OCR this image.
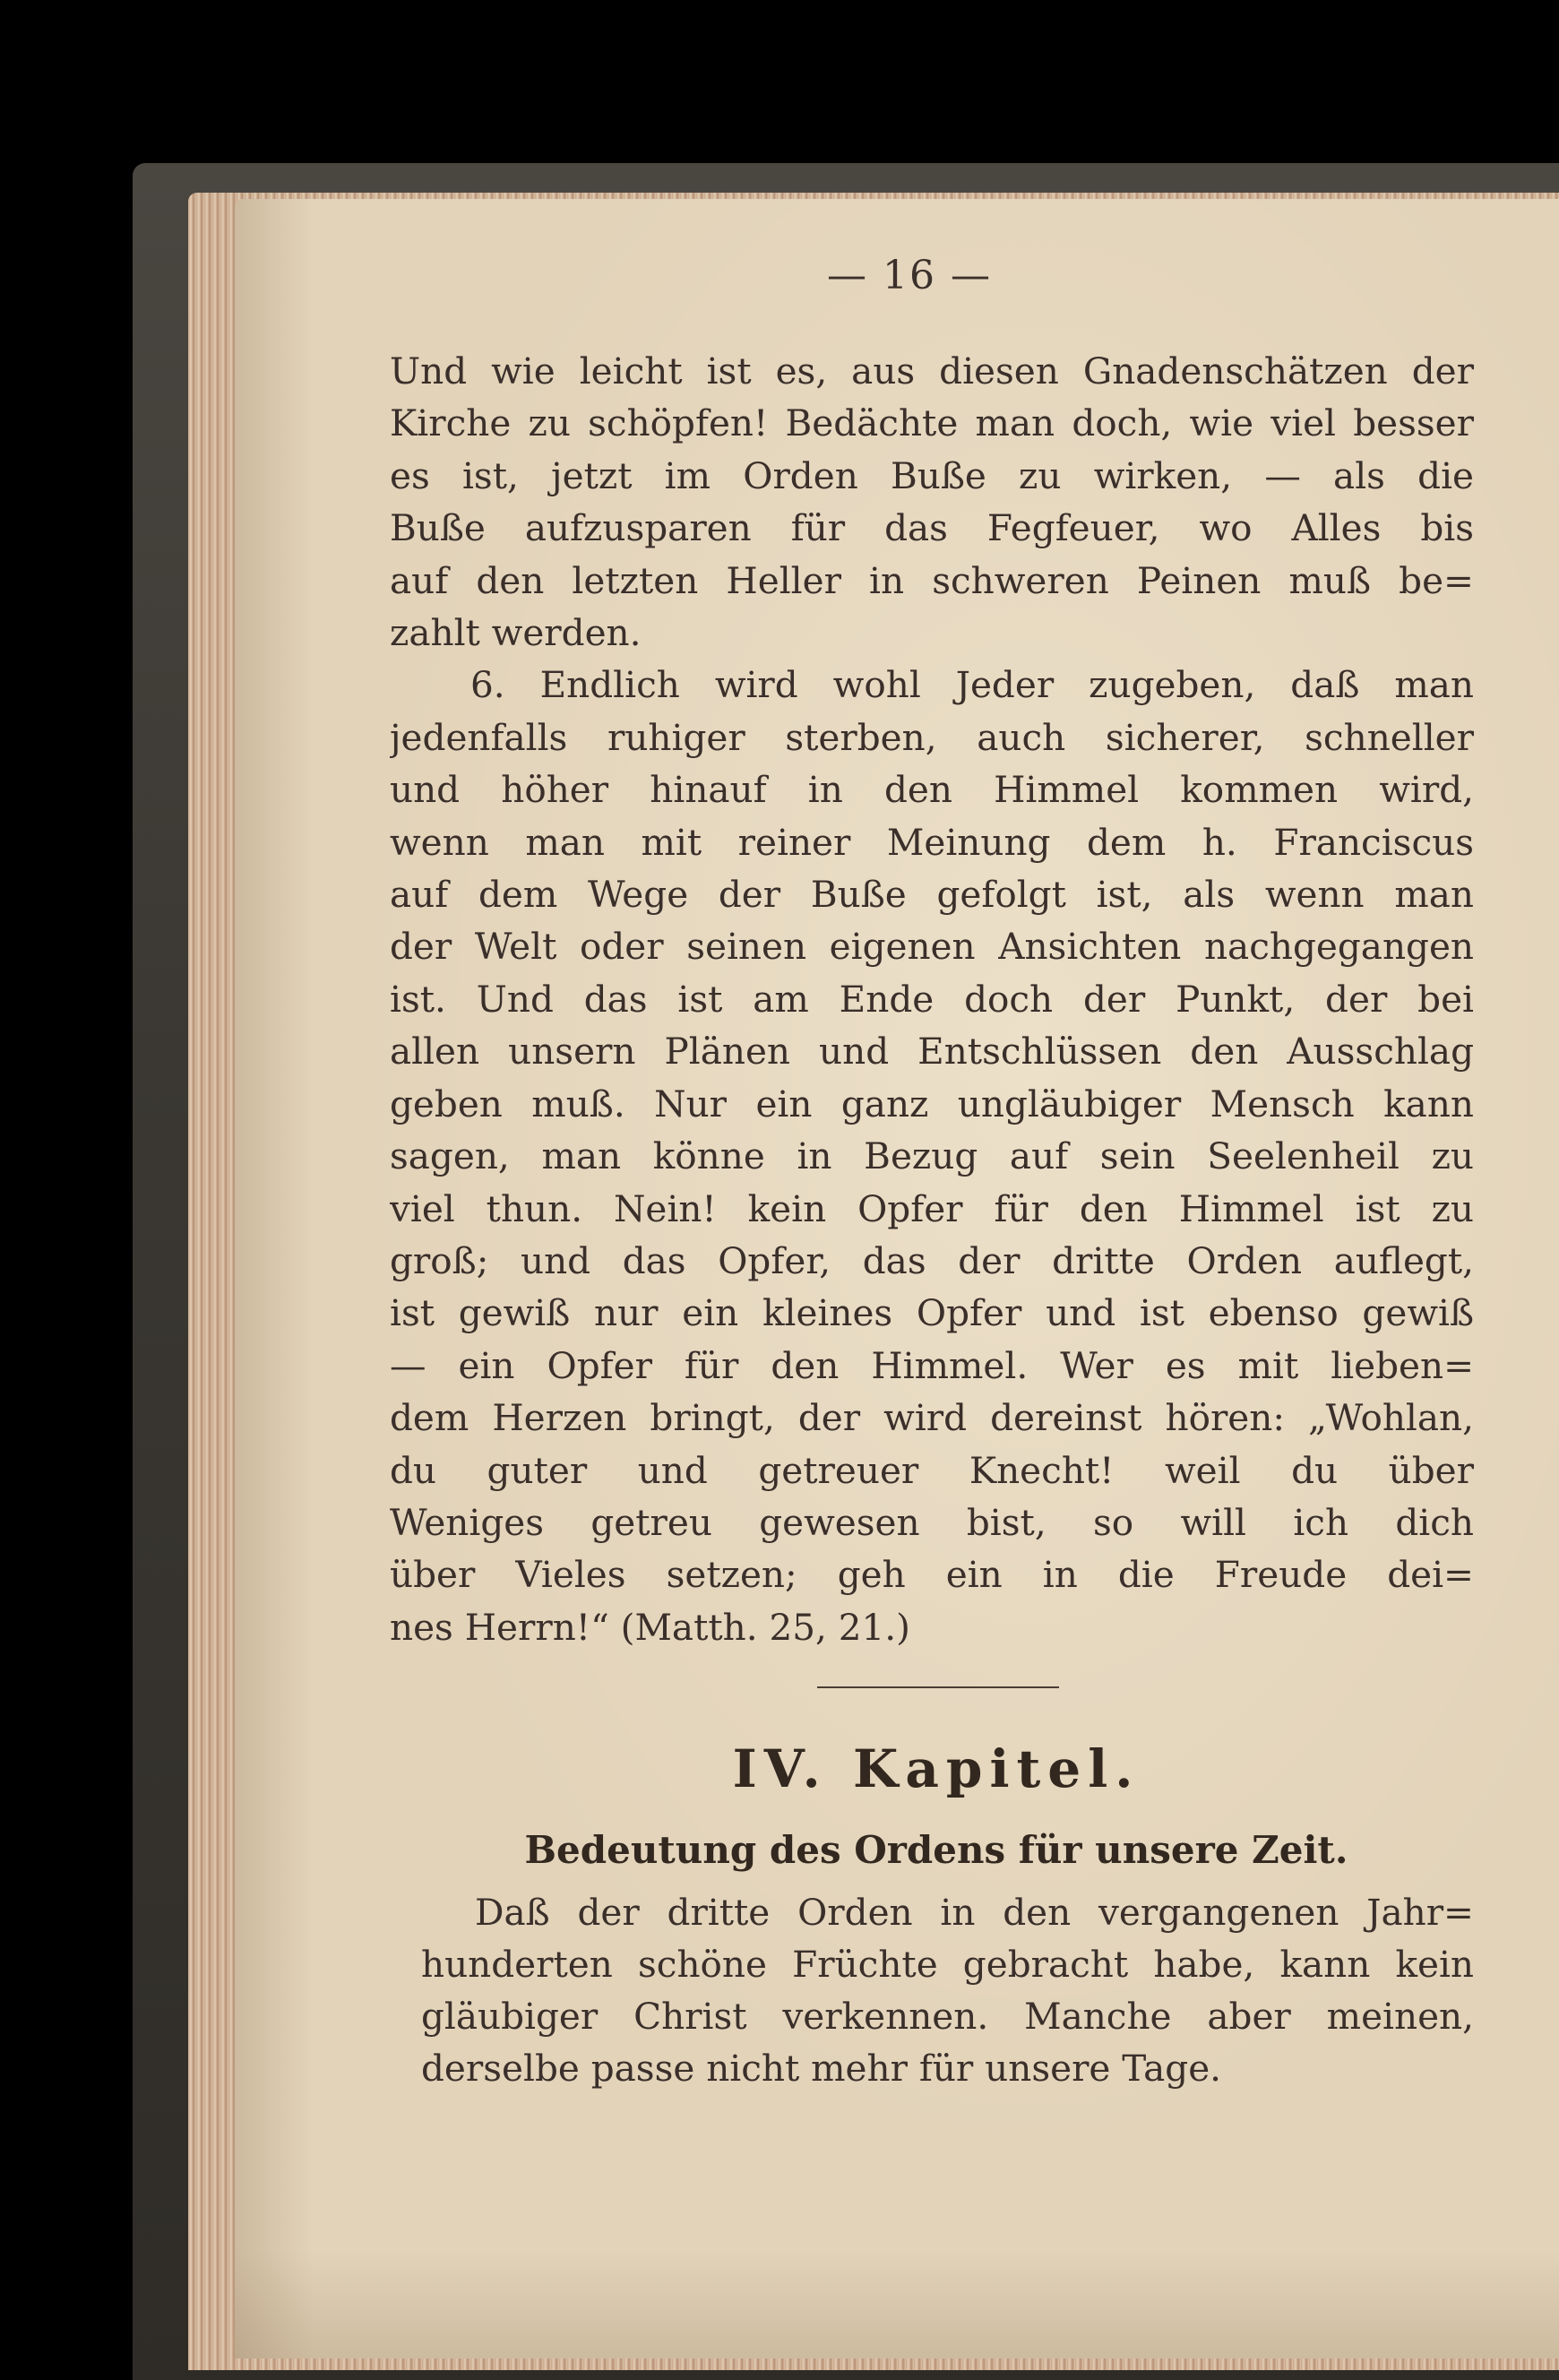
— 16 —
Und wie leicht ist es, aus diesen Gnadenschätzen der
Kirche zu schöpfen! Bedächte man doch, wie viel besser
es ist, jetzt im Orden Buße zu wirken, — als die
Buße aufzusparen für das Fegfeuer, wo Alles bis
auf den letzten Heller in schweren Peinen muß be=
zahlt werden.
6. Endlich wird wohl Jeder zugeben, daß man
jedenfalls ruhiger sterben, auch sicherer, schneller
und höher hinauf in den Himmel kommen wird,
wenn man mit reiner Meinung dem h. Franciscus
auf dem Wege der Buße gefolgt ist, als wenn man
der Welt oder seinen eigenen Ansichten nachgegangen
ist. Und das ist am Ende doch der Punkt, der bei
allen unsern Plänen und Entschlüssen den Ausschlag
geben muß. Nur ein ganz ungläubiger Mensch kann
sagen, man könne in Bezug auf sein Seelenheil zu
viel thun. Nein! kein Opfer für den Himmel ist zu
groß; und das Opfer, das der dritte Orden auflegt,
ist gewiß nur ein kleines Opfer und ist ebenso gewiß
— ein Opfer für den Himmel. Wer es mit lieben=
dem Herzen bringt, der wird dereinst hören: „Wohlan,
du guter und getreuer Knecht! weil du über
Weniges getreu gewesen bist, so will ich dich
über Vieles setzen; geh ein in die Freude dei=
nes Herrn!“ (Matth. 25, 21.)
IV. Kapitel.
Bedeutung des Ordens für unsere Zeit.
Daß der dritte Orden in den vergangenen Jahr=
hunderten schöne Früchte gebracht habe, kann kein
gläubiger Christ verkennen. Manche aber meinen,
derselbe passe nicht mehr für unsere Tage.
